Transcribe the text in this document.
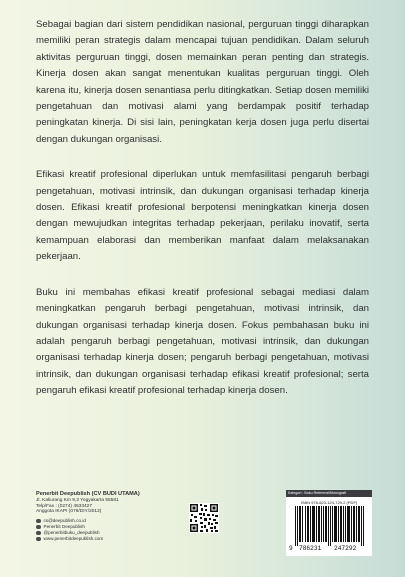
Sebagai bagian dari sistem pendidikan nasional, perguruan tinggi diharapkan memiliki peran strategis dalam mencapai tujuan pendidikan. Dalam seluruh aktivitas perguruan tinggi, dosen memainkan peran penting dan strategis. Kinerja dosen akan sangat menentukan kualitas perguruan tinggi. Oleh karena itu, kinerja dosen senantiasa perlu ditingkatkan. Setiap dosen memiliki pengetahuan dan motivasi alami yang berdampak positif terhadap peningkatan kinerja. Di sisi lain, peningkatan kerja dosen juga perlu disertai dengan dukungan organisasi.

Efikasi kreatif profesional diperlukan untuk memfasilitasi pengaruh berbagi pengetahuan, motivasi intrinsik, dan dukungan organisasi terhadap kinerja dosen. Efikasi kreatif profesional berpotensi meningkatkan kinerja dosen dengan mewujudkan integritas terhadap pekerjaan, perilaku inovatif, serta kemampuan elaborasi dan memberikan manfaat dalam melaksanakan pekerjaan.

Buku ini membahas efikasi kreatif profesional sebagai mediasi dalam meningkatkan pengaruh berbagi pengetahuan, motivasi intrinsik, dan dukungan organisasi terhadap kinerja dosen. Fokus pembahasan buku ini adalah pengaruh berbagi pengetahuan, motivasi intrinsik, dan dukungan organisasi terhadap kinerja dosen; pengaruh berbagi pengetahuan, motivasi intrinsik, dan dukungan organisasi terhadap efikasi kreatif profesional; serta pengaruh efikasi kreatif profesional terhadap kinerja dosen.

Penerbit Deepublish (CV BUDI UTAMA)
Jl. Kaliurang Km 9,3 Yogyakarta 55581
Telp/Fax : (0274) 4533427
Anggota IKAPI (076/DIY/2012)
cs@deepublish.co.id
Penerbit Deepublish
@penerbitbuku_deepublish
www.penerbitdeepublish.com
Kategori : Buku Referensi/Monografi
ISBN 978-623-124-729-2 (PDF)
9 786231 247292
